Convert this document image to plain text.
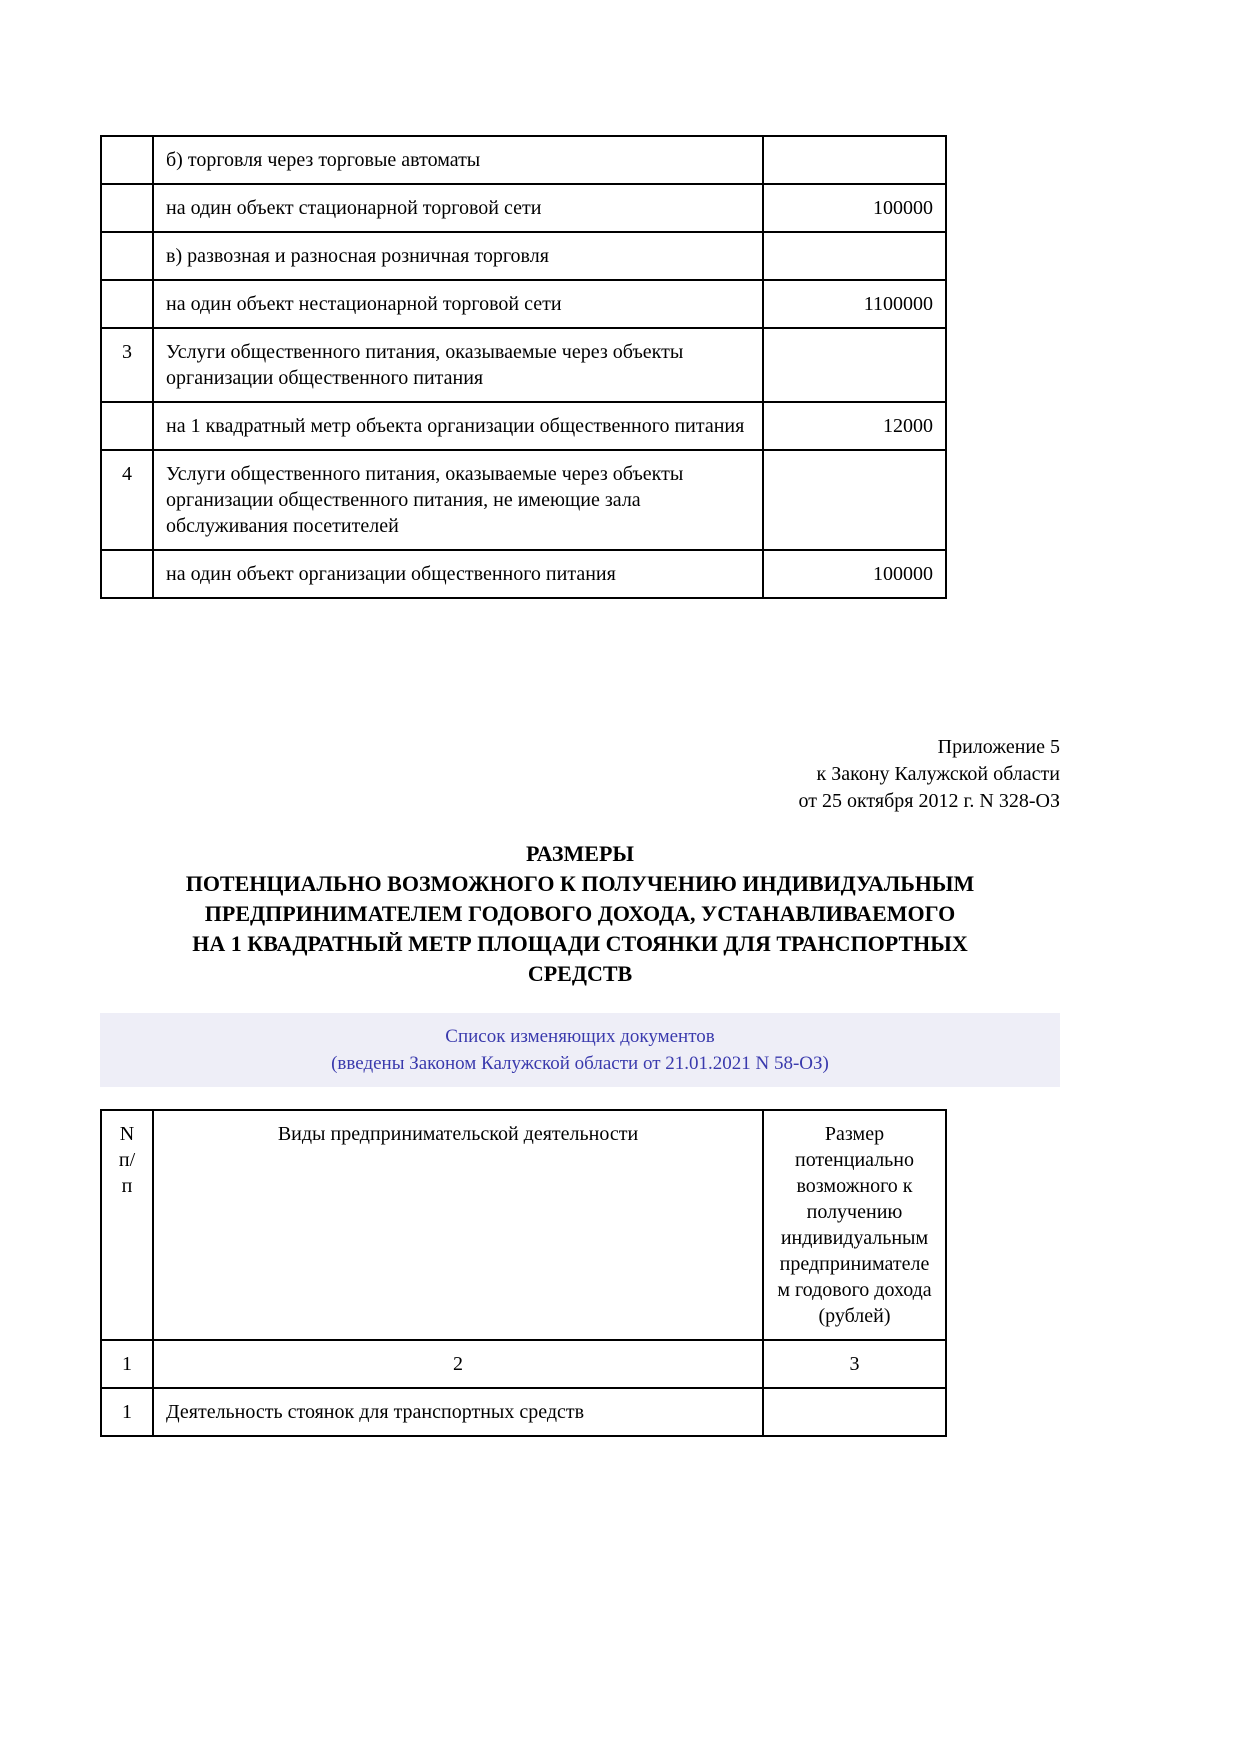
	б) торговля через торговые автоматы	
	на один объект стационарной торговой сети	100000
	в) развозная и разносная розничная торговля	
	на один объект нестационарной торговой сети	1100000
3	Услуги общественного питания, оказываемые через объекты организации общественного питания	
	на 1 квадратный метр объекта организации общественного питания	12000
4	Услуги общественного питания, оказываемые через объекты организации общественного питания, не имеющие зала обслуживания посетителей	
	на один объект организации общественного питания	100000
Приложение 5
к Закону Калужской области
от 25 октября 2012 г. N 328-ОЗ
РАЗМЕРЫ
ПОТЕНЦИАЛЬНО ВОЗМОЖНОГО К ПОЛУЧЕНИЮ ИНДИВИДУАЛЬНЫМ
ПРЕДПРИНИМАТЕЛЕМ ГОДОВОГО ДОХОДА, УСТАНАВЛИВАЕМОГО
НА 1 КВАДРАТНЫЙ МЕТР ПЛОЩАДИ СТОЯНКИ ДЛЯ ТРАНСПОРТНЫХ
СРЕДСТВ
Список изменяющих документов
(введены Законом Калужской области от 21.01.2021 N 58-ОЗ)
N
п/п	Виды предпринимательской деятельности	Размер потенциально возможного к получению индивидуальным предпринимателем годового дохода (рублей)
1	2	3
1	Деятельность стоянок для транспортных средств	
